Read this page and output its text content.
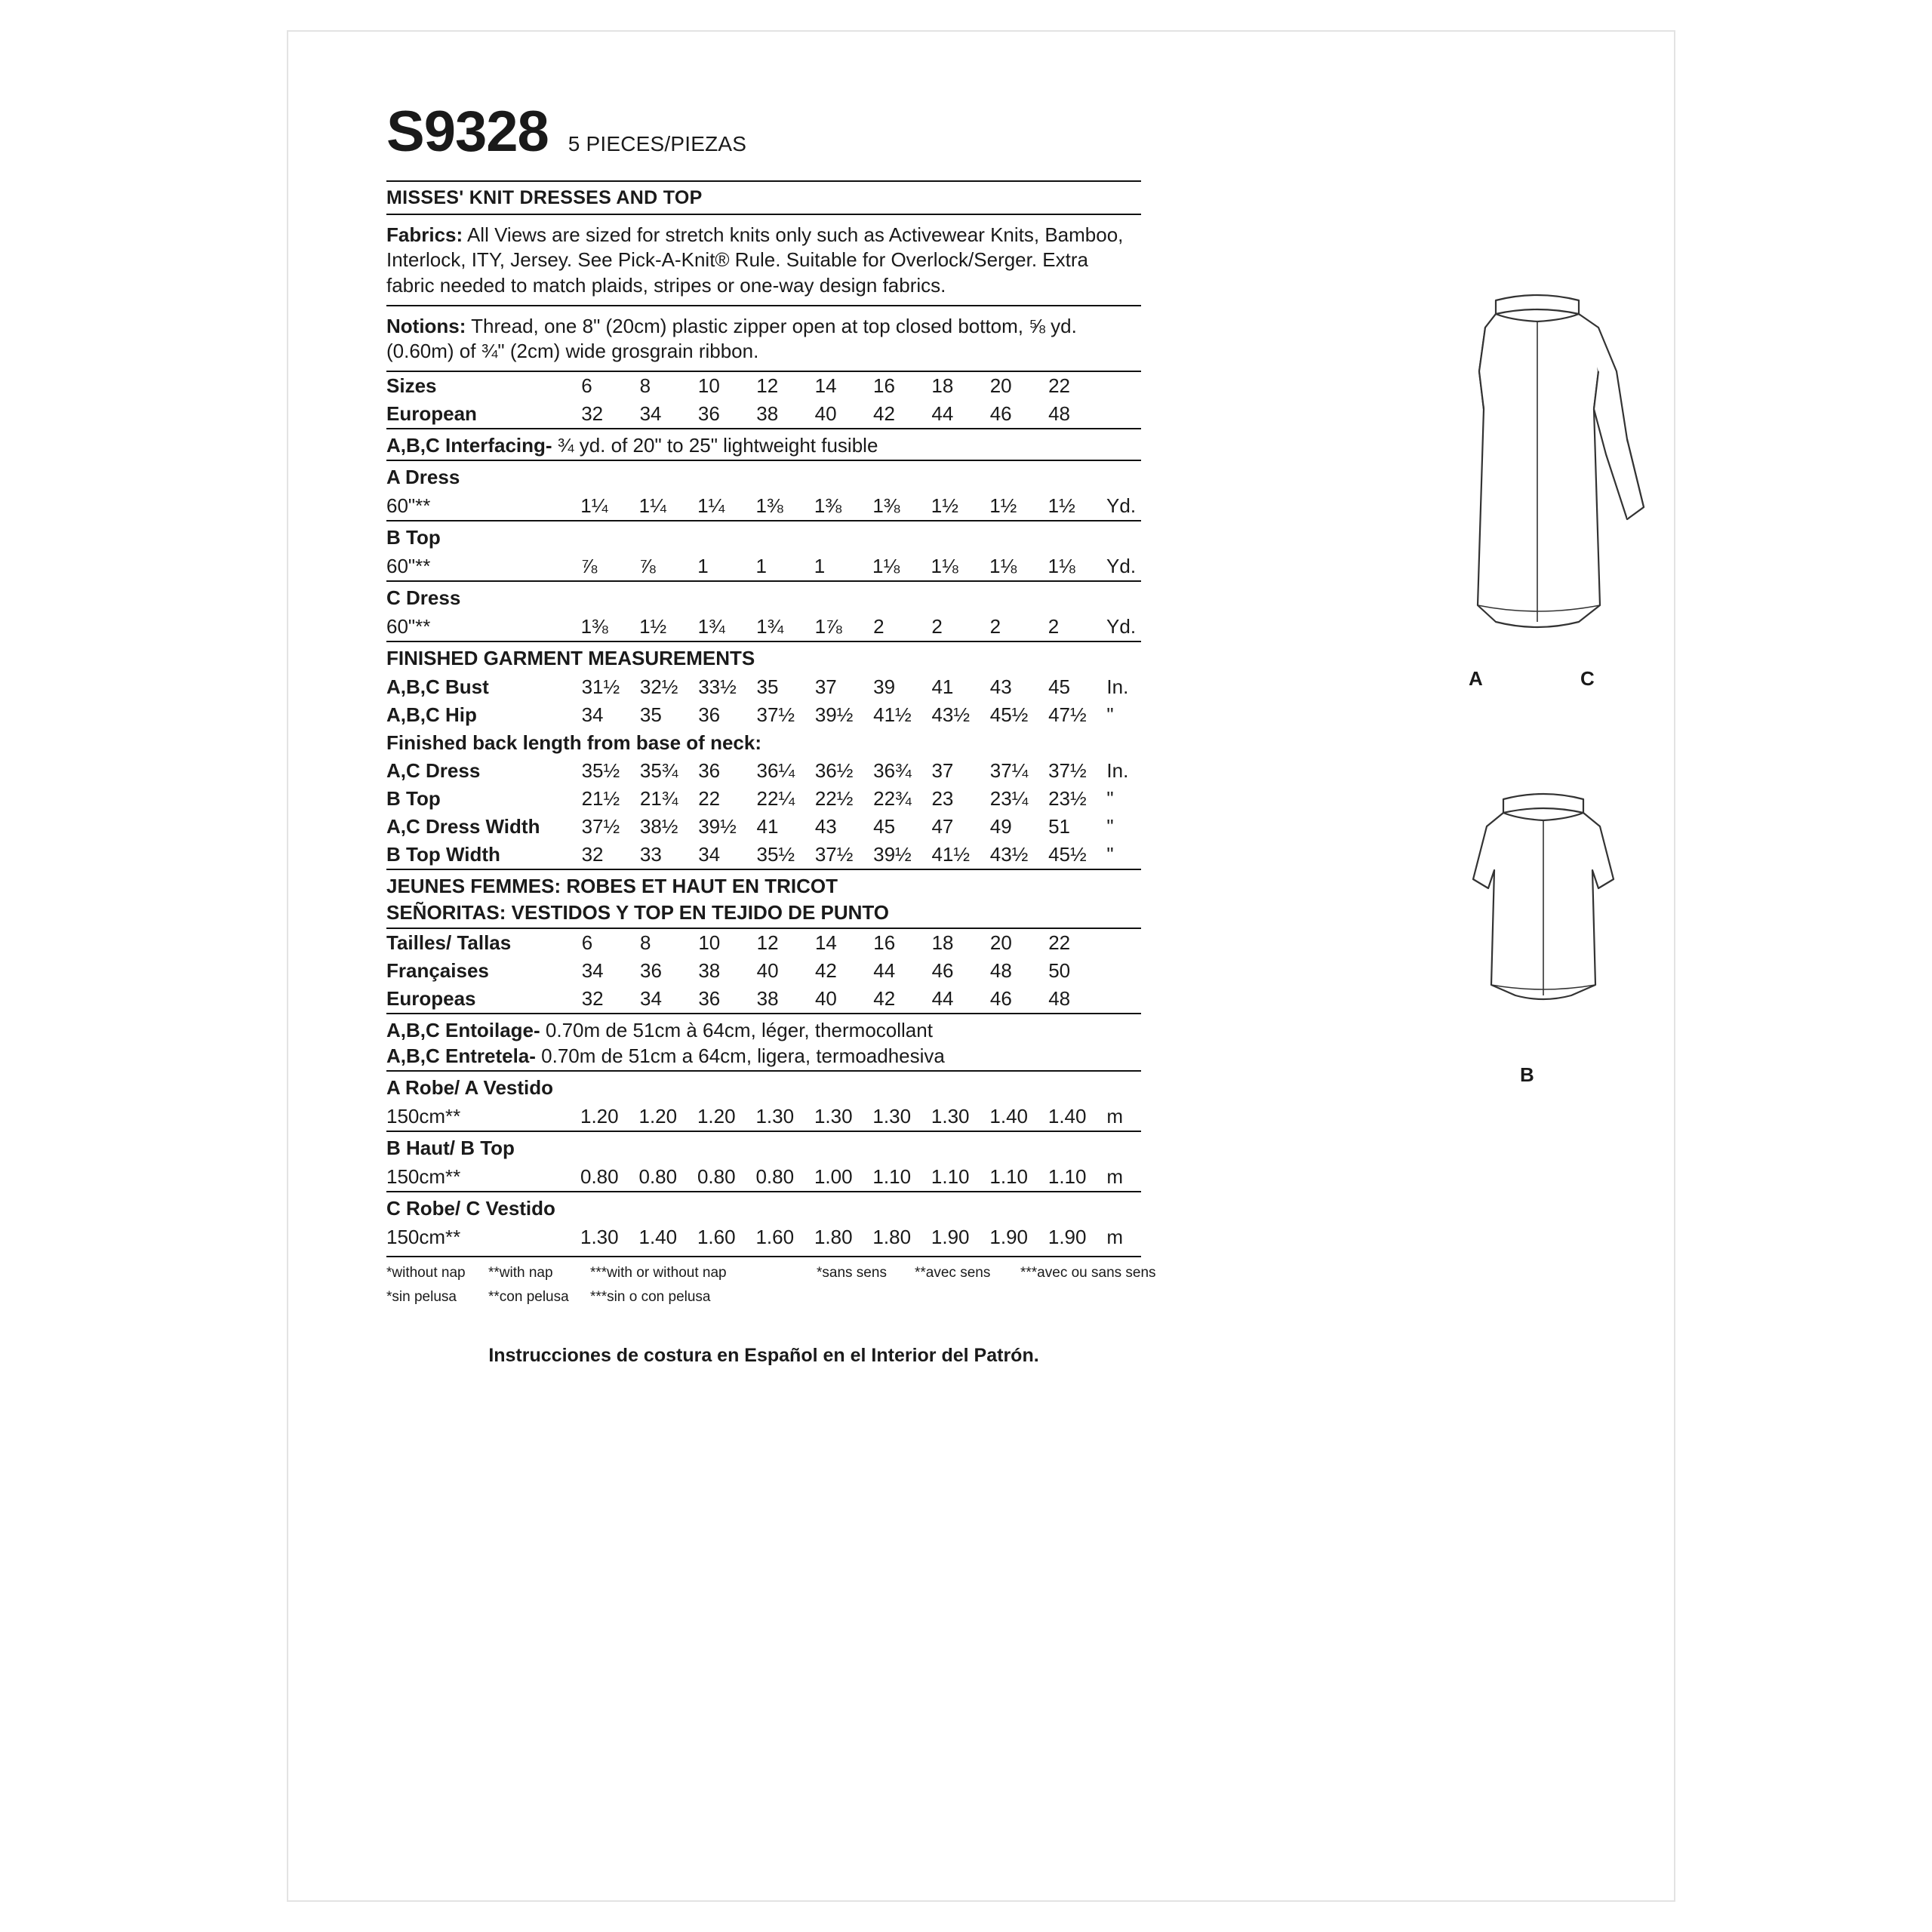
S9328 5 PIECES/PIEZAS
MISSES' KNIT DRESSES AND TOP
Fabrics: All Views are sized for stretch knits only such as Activewear Knits, Bamboo, Interlock, ITY, Jersey. See Pick-A-Knit® Rule. Suitable for Overlock/Serger. Extra fabric needed to match plaids, stripes or one-way design fabrics.
Notions: Thread, one 8" (20cm) plastic zipper open at top closed bottom, ⅝ yd. (0.60m) of ¾" (2cm) wide grosgrain ribbon.
Sizes	6	8	10	12	14	16	18	20	22	
European	32	34	36	38	40	42	44	46	48	
A,B,C Interfacing- ¾ yd. of 20" to 25" lightweight fusible
A Dress
60"**	1¼	1¼	1¼	1⅜	1⅜	1⅜	1½	1½	1½	Yd.
B Top
60"**	⅞	⅞	1	1	1	1⅛	1⅛	1⅛	1⅛	Yd.
C Dress
60"**	1⅜	1½	1¾	1¾	1⅞	2	2	2	2	Yd.
FINISHED GARMENT MEASUREMENTS
A,B,C Bust	31½	32½	33½	35	37	39	41	43	45	In.
A,B,C Hip	34	35	36	37½	39½	41½	43½	45½	47½	"
Finished back length from base of neck:										
A,C Dress	35½	35¾	36	36¼	36½	36¾	37	37¼	37½	In.
B Top	21½	21¾	22	22¼	22½	22¾	23	23¼	23½	"
A,C Dress Width	37½	38½	39½	41	43	45	47	49	51	"
B Top Width	32	33	34	35½	37½	39½	41½	43½	45½	"
JEUNES FEMMES: ROBES ET HAUT EN TRICOT
SEÑORITAS: VESTIDOS Y TOP EN TEJIDO DE PUNTO
Tailles/ Tallas	6	8	10	12	14	16	18	20	22	
Françaises	34	36	38	40	42	44	46	48	50	
Europeas	32	34	36	38	40	42	44	46	48	
A,B,C Entoilage- 0.70m de 51cm à 64cm, léger, thermocollant
A,B,C Entretela- 0.70m de 51cm a 64cm, ligera, termoadhesiva
A Robe/ A Vestido
150cm**	1.20	1.20	1.20	1.30	1.30	1.30	1.30	1.40	1.40	m
B Haut/ B Top
150cm**	0.80	0.80	0.80	0.80	1.00	1.10	1.10	1.10	1.10	m
C Robe/ C Vestido
150cm**	1.30	1.40	1.60	1.60	1.80	1.80	1.90	1.90	1.90	m
*without nap **with nap	***with or without nap	*sans sens **avec sens ***avec ou sans sens
*sin pelusa **con pelusa ***sin o con pelusa
Instrucciones de costura en Español en el Interior del Patrón.
A	C
B
